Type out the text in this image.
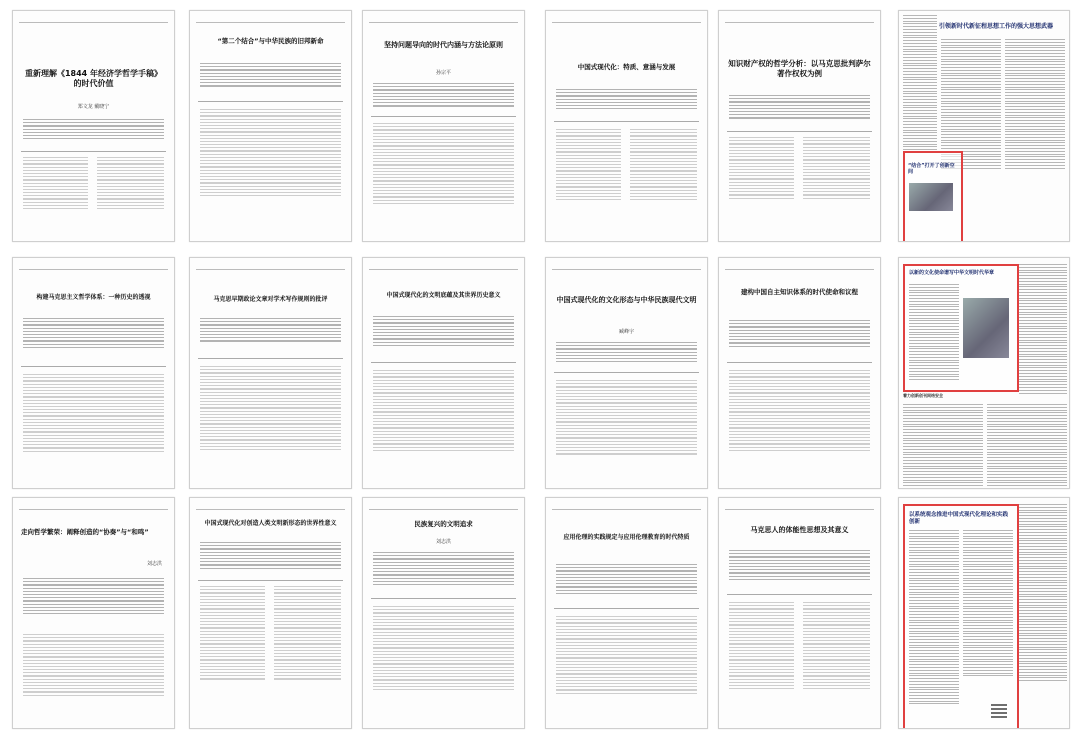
重新理解《1844 年经济学哲学手稿》的时代价值
郑文龙 戴晓宁
“第二个结合”与中华民族的旧邦新命	坚持问题导向的时代内涵与方法论原则
孙宗平
中国式现代化：特质、意涵与发展	知识财产权的哲学分析：以马克思批判萨尔著作权权为例
引领新时代新征程思想工作的强大思想武器
“结合”打开了创新空间
构建马克思主义哲学体系：一种历史的透视	马克思早期政论文章对学术写作规则的批评
中国式现代化的文明底蕴及其世界历史意义
中国式现代化的文化形态与中华民族现代文明
臧峰宇
建构中国自主知识体系的时代使命和议程
以新的文化使命谱写中华文明时代华章
着力创新创刊网络安全
走向哲学繁荣：阐释创造的“协奏”与“和鸣”
刘志洪
中国式现代化对创造人类文明新形态的世界性意义	民族复兴的文明追求
刘志洪
应用伦理的实践规定与应用伦理教育的时代特质
马克思人的体能性思想及其意义
以系统观念推进中国式现代化理论和实践创新
